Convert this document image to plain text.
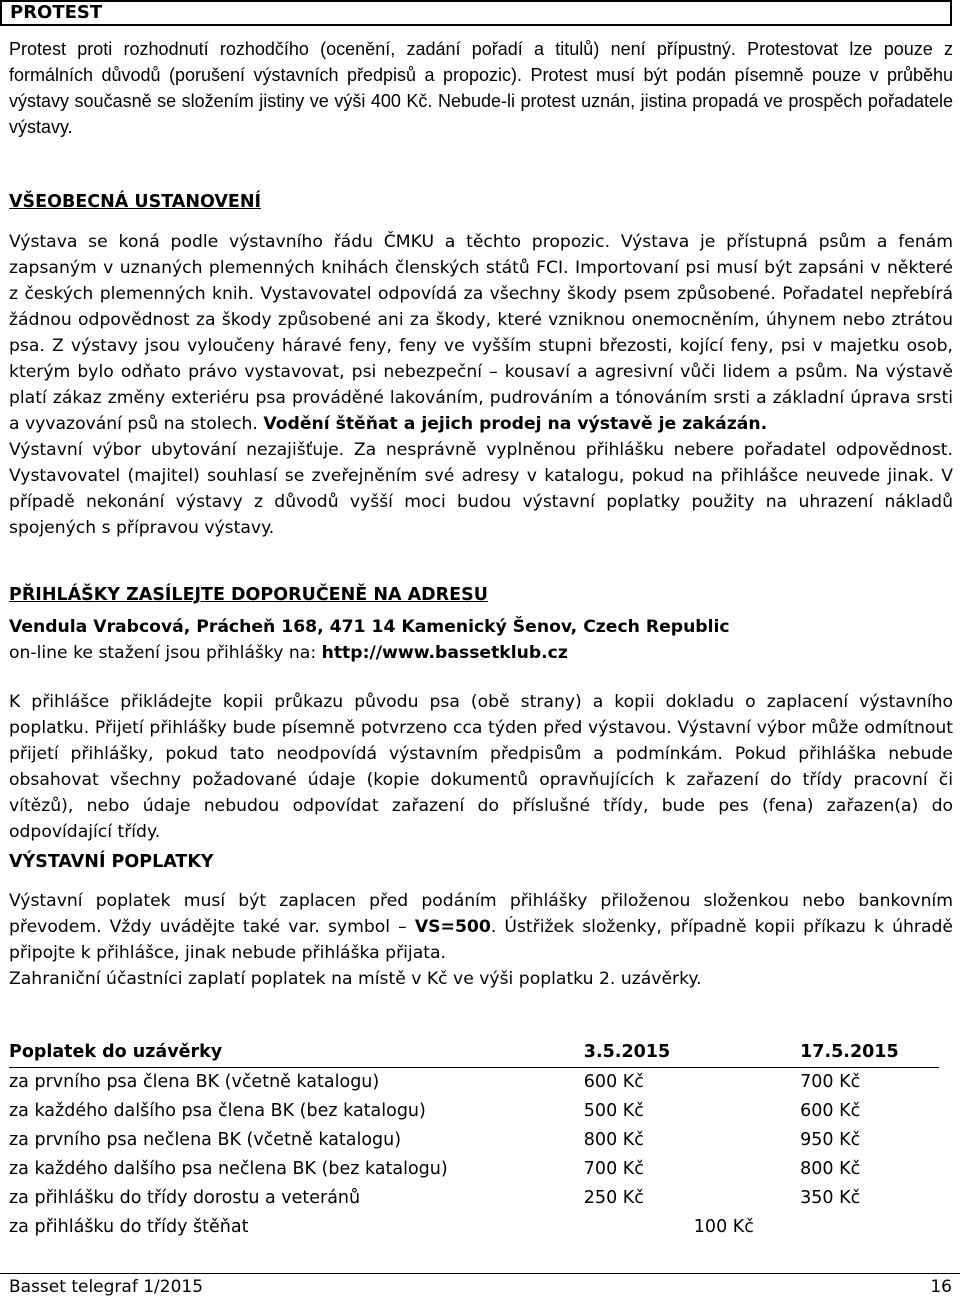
PROTEST
Protest proti rozhodnutí rozhodčího (ocenění, zadání pořadí a titulů) není přípustný. Protestovat lze pouze z formálních důvodů (porušení výstavních předpisů a propozic). Protest musí být podán písemně pouze v průběhu výstavy současně se složením jistiny ve výši 400 Kč. Nebude-li protest uznán, jistina propadá ve prospěch pořadatele výstavy.
VŠEOBECNÁ USTANOVENÍ
Výstava se koná podle výstavního řádu ČMKU a těchto propozic. Výstava je přístupná psům a fenám zapsaným v uznaných plemenných knihách členských států FCI. Importovaní psi musí být zapsáni v některé z českých plemenných knih. Vystavovatel odpovídá za všechny škody psem způsobené. Pořadatel nepřebírá žádnou odpovědnost za škody způsobené ani za škody, které vzniknou onemocněním, úhynem nebo ztrátou psa. Z výstavy jsou vyloučeny háravé feny, feny ve vyšším stupni březosti, kojící feny, psi v majetku osob, kterým bylo odňato právo vystavovat, psi nebezpeční – kousaví a agresivní vůči lidem a psům. Na výstavě platí zákaz změny exteriéru psa prováděné lakováním, pudrováním a tónováním srsti a základní úprava srsti a vyvazování psů na stolech. Vodění štěňat a jejich prodej na výstavě je zakázán.
Výstavní výbor ubytování nezajišťuje. Za nesprávně vyplněnou přihlášku nebere pořadatel odpovědnost. Vystavovatel (majitel) souhlasí se zveřejněním své adresy v katalogu, pokud na přihlášce neuvede jinak. V případě nekonání výstavy z důvodů vyšší moci budou výstavní poplatky použity na uhrazení nákladů spojených s přípravou výstavy.
PŘIHLÁŠKY ZASÍLEJTE DOPORUČENĚ NA ADRESU
Vendula Vrabcová, Prácheň 168, 471 14 Kamenický Šenov, Czech Republic
on-line ke stažení jsou přihlášky na: http://www.bassetklub.cz
K přihlášce přikládejte kopii průkazu původu psa (obě strany) a kopii dokladu o zaplacení výstavního poplatku. Přijetí přihlášky bude písemně potvrzeno cca týden před výstavou. Výstavní výbor může odmítnout přijetí přihlášky, pokud tato neodpovídá výstavním předpisům a podmínkám. Pokud přihláška nebude obsahovat všechny požadované údaje (kopie dokumentů opravňujících k zařazení do třídy pracovní či vítězů), nebo údaje nebudou odpovídat zařazení do příslušné třídy, bude pes (fena) zařazen(a) do odpovídající třídy.
VÝSTAVNÍ POPLATKY
Výstavní poplatek musí být zaplacen před podáním přihlášky přiloženou složenkou nebo bankovním převodem. Vždy uvádějte také var. symbol – VS=500. Ústřižek složenky, případně kopii příkazu k úhradě připojte k přihlášce, jinak nebude přihláška přijata.
Zahraniční účastníci zaplatí poplatek na místě v Kč ve výši poplatku 2. uzávěrky.
Poplatek do uzávěrky	3.5.2015	17.5.2015
za prvního psa člena BK (včetně katalogu)	600 Kč	700 Kč
za každého dalšího psa člena BK (bez katalogu)	500 Kč	600 Kč
za prvního psa nečlena BK (včetně katalogu)	800 Kč	950 Kč
za každého dalšího psa nečlena BK (bez katalogu)	700 Kč	800 Kč
za přihlášku do třídy dorostu a veteránů	250 Kč	350 Kč
za přihlášku do třídy štěňat	100 Kč	
Basset telegraf 1/2015	16
